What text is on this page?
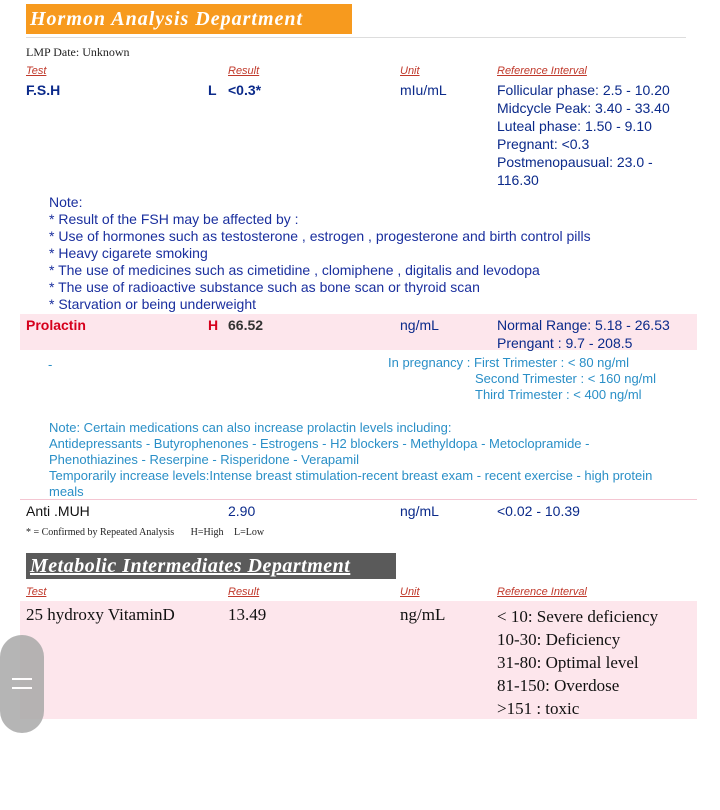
Hormon Analysis Department
LMP Date: Unknown
Test	Result	Unit	Reference Interval
F.S.H	L <0.3*	mIu/mL	Follicular phase: 2.5 - 10.20
Midcycle Peak: 3.40 - 33.40
Luteal phase: 1.50 - 9.10
Pregnant: <0.3
Postmenopausual: 23.0 -
116.30
Note:
* Result of the FSH may be affected by :
* Use of hormones such as testosterone , estrogen , progesterone and birth control pills
* Heavy cigarete smoking
* The use of medicines such as cimetidine , clomiphene , digitalis and levodopa
* The use of radioactive substance such as bone scan or thyroid scan
* Starvation or being underweight
Prolactin	H 66.52	ng/mL	Normal Range: 5.18 - 26.53
Prengant : 9.7 - 208.5
-	In pregnancy : First Trimester : < 80 ng/ml
Second Trimester : < 160 ng/ml
Third Trimester : < 400 ng/ml
Note: Certain medications can also increase prolactin levels including:
Antidepressants - Butyrophenones - Estrogens - H2 blockers - Methyldopa - Metoclopramide -
Phenothiazines - Reserpine - Risperidone - Verapamil
Temporarily increase levels:Intense breast stimulation-recent breast exam - recent exercise - high protein
meals
Anti .MUH	2.90	ng/mL	<0.02 - 10.39
* = Confirmed by Repeated Analysis H=High L=Low
Metabolic Intermediates Department
Test	Result	Unit	Reference Interval
25 hydroxy VitaminD	13.49	ng/mL	< 10: Severe deficiency
10-30: Deficiency
31-80: Optimal level
81-150: Overdose
>151 : toxic
